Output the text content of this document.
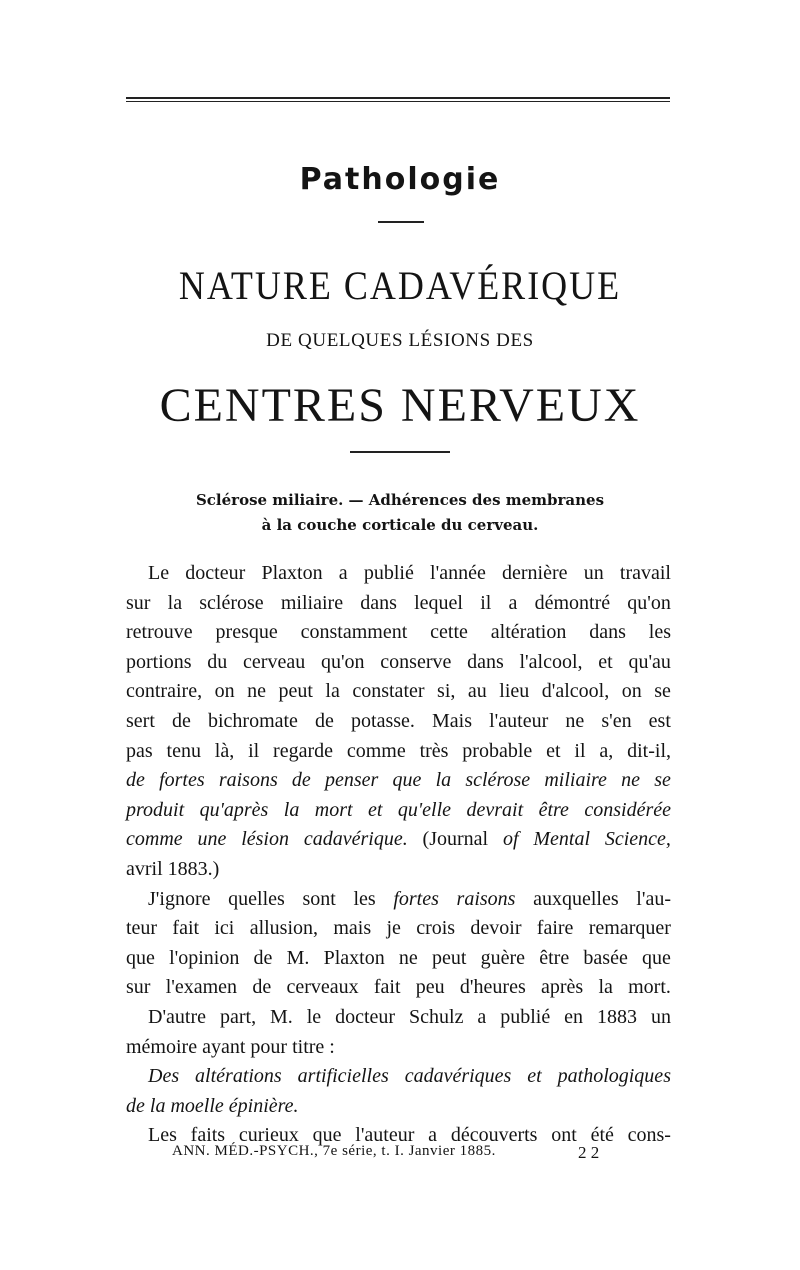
Pathologie
NATURE CADAVÉRIQUE
DE QUELQUES LÉSIONS DES
CENTRES NERVEUX
Sclérose miliaire. — Adhérences des membranes
à la couche corticale du cerveau.
Le docteur Plaxton a publié l'année dernière un travail
sur la sclérose miliaire dans lequel il a démontré qu'on
retrouve presque constamment cette altération dans les
portions du cerveau qu'on conserve dans l'alcool, et qu'au
contraire, on ne peut la constater si, au lieu d'alcool, on se
sert de bichromate de potasse. Mais l'auteur ne s'en est
pas tenu là, il regarde comme très probable et il a, dit-il,
de fortes raisons de penser que la sclérose miliaire ne se
produit qu'après la mort et qu'elle devrait être considérée
comme une lésion cadavérique. (Journal of Mental Science,
avril 1883.)
J'ignore quelles sont les fortes raisons auxquelles l'au-
teur fait ici allusion, mais je crois devoir faire remarquer
que l'opinion de M. Plaxton ne peut guère être basée que
sur l'examen de cerveaux fait peu d'heures après la mort.
D'autre part, M. le docteur Schulz a publié en 1883 un
mémoire ayant pour titre :
Des altérations artificielles cadavériques et pathologiques
de la moelle épinière.
Les faits curieux que l'auteur a découverts ont été cons-
ANN. MÉD.-PSYCH., 7e série, t. I. Janvier 1885.	2 2
